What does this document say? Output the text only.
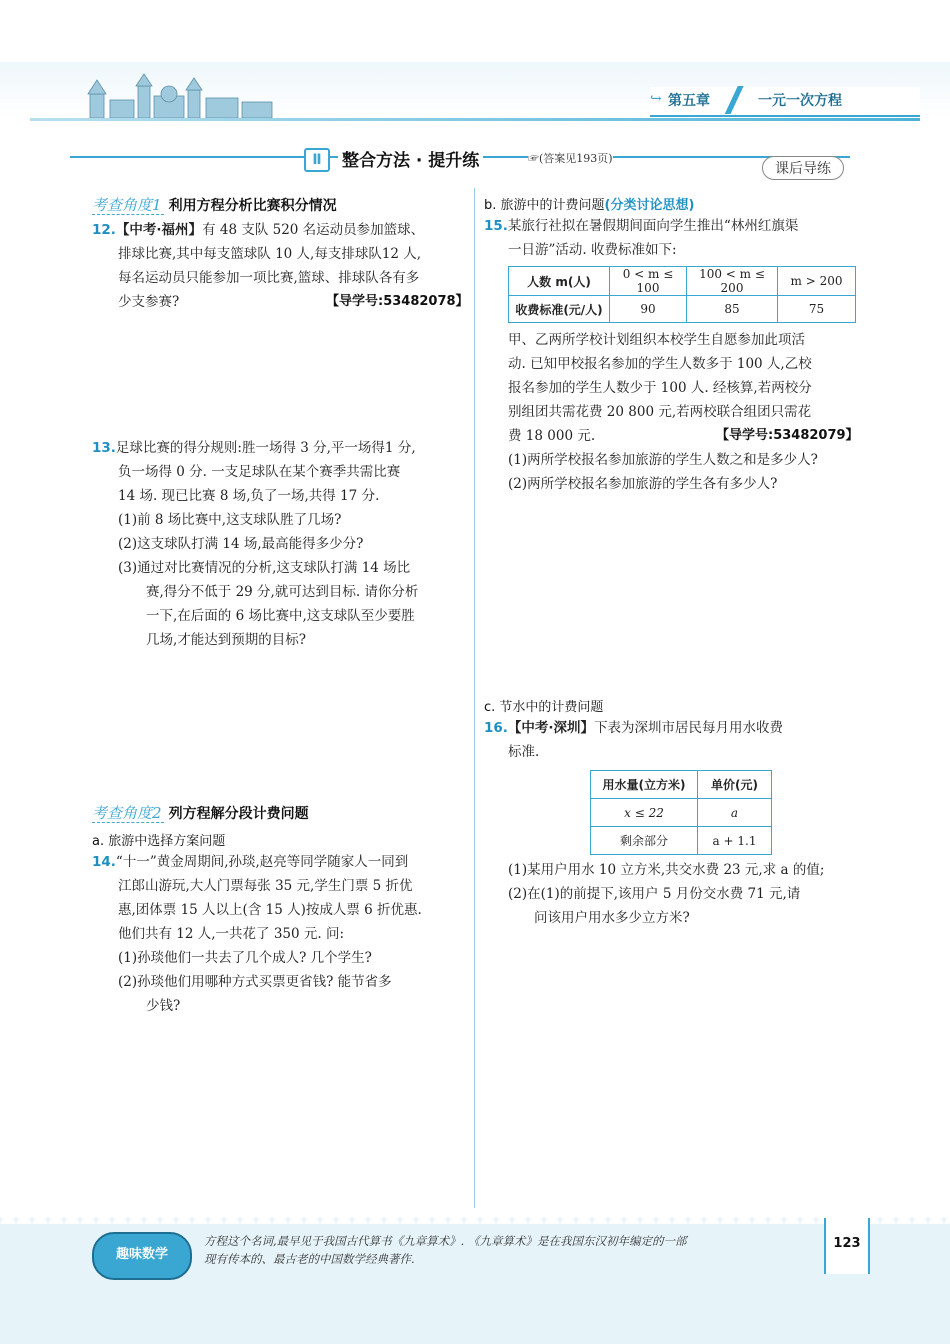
↪ 第五章	一元一次方程
Ⅱ	整合方法 · 提升练	☞(答案见193页)
课后导练
考查角度1 利用方程分析比赛积分情况
12.【中考·福州】有 48 支队 520 名运动员参加篮球、
排球比赛,其中每支篮球队 10 人,每支排球队12 人,
每名运动员只能参加一项比赛,篮球、排球队各有多
少支参赛?	【导学号:53482078】
13.足球比赛的得分规则:胜一场得 3 分,平一场得1 分,
负一场得 0 分. 一支足球队在某个赛季共需比赛
14 场. 现已比赛 8 场,负了一场,共得 17 分.
(1)前 8 场比赛中,这支球队胜了几场?
(2)这支球队打满 14 场,最高能得多少分?
(3)通过对比赛情况的分析,这支球队打满 14 场比
赛,得分不低于 29 分,就可达到目标. 请你分析
一下,在后面的 6 场比赛中,这支球队至少要胜
几场,才能达到预期的目标?
考查角度2 列方程解分段计费问题
a. 旅游中选择方案问题
14.“十一”黄金周期间,孙琰,赵亮等同学随家人一同到
江郎山游玩,大人门票每张 35 元,学生门票 5 折优
惠,团体票 15 人以上(含 15 人)按成人票 6 折优惠.
他们共有 12 人,一共花了 350 元. 问:
(1)孙琰他们一共去了几个成人? 几个学生?
(2)孙琰他们用哪种方式买票更省钱? 能节省多
少钱?
b. 旅游中的计费问题(分类讨论思想)
15.某旅行社拟在暑假期间面向学生推出“林州红旗渠
一日游”活动. 收费标准如下:
人数 m(人)	0 < m ≤ 100	100 < m ≤ 200	m > 200
收费标准(元/人)	90	85	75
甲、乙两所学校计划组织本校学生自愿参加此项活
动. 已知甲校报名参加的学生人数多于 100 人,乙校
报名参加的学生人数少于 100 人. 经核算,若两校分
别组团共需花费 20 800 元,若两校联合组团只需花
费 18 000 元.	【导学号:53482079】
(1)两所学校报名参加旅游的学生人数之和是多少人?
(2)两所学校报名参加旅游的学生各有多少人?
c. 节水中的计费问题
16.【中考·深圳】下表为深圳市居民每月用水收费
标准.
用水量(立方米)	单价(元)
x ≤ 22	a
剩余部分	a + 1.1
(1)某用户用水 10 立方米,共交水费 23 元,求 a 的值;
(2)在(1)的前提下,该用户 5 月份交水费 71 元,请
问该用户用水多少立方米?
趣味数学
方程这个名词,最早见于我国古代算书《九章算术》. 《九章算术》是在我国东汉初年编定的一部
现有传本的、最古老的中国数学经典著作.
123
